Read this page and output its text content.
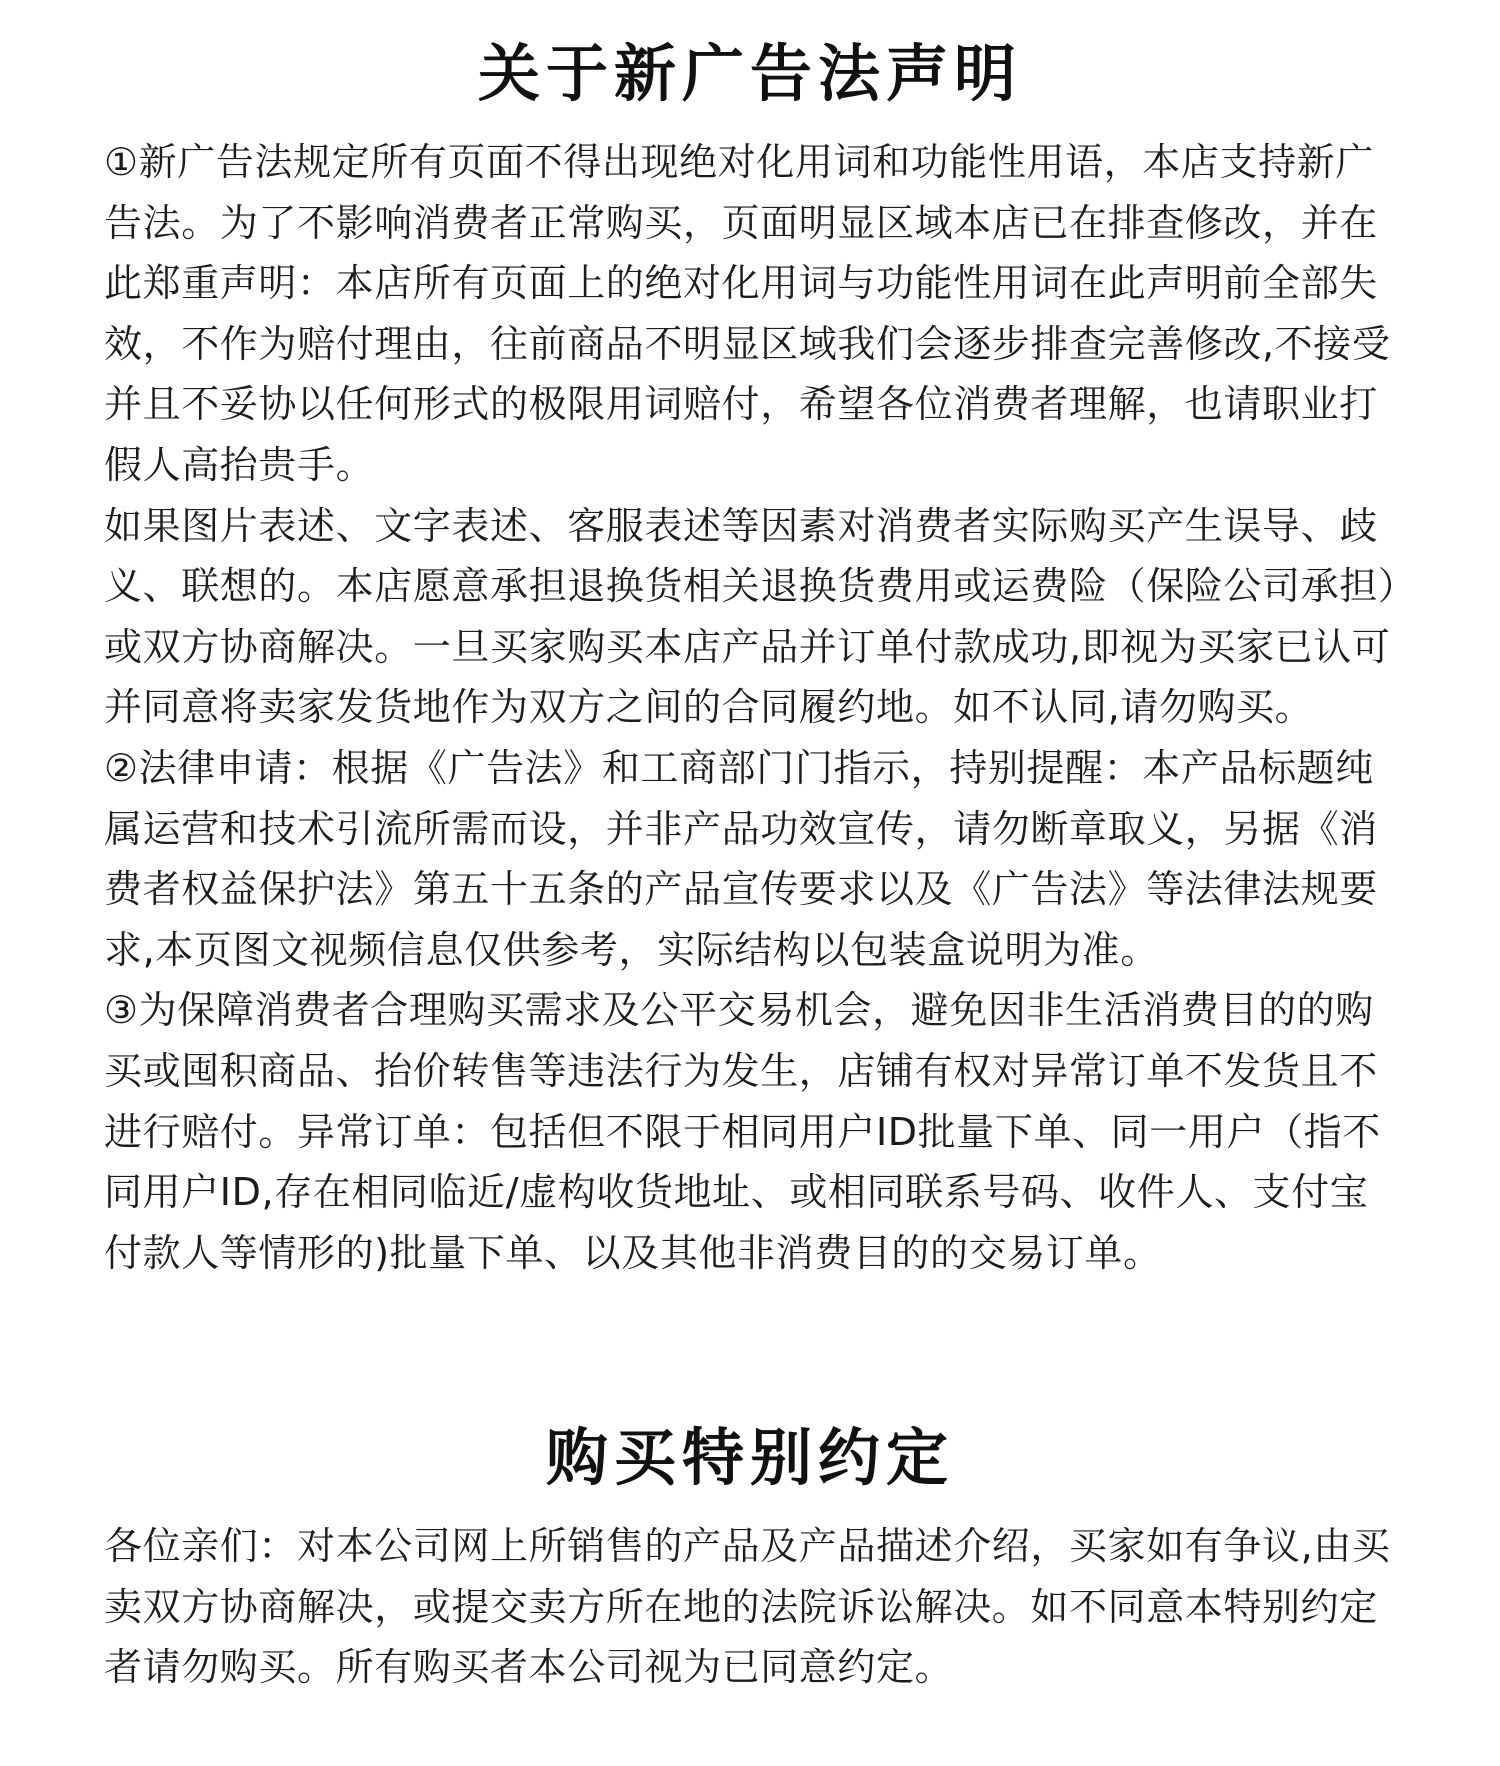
关于新广告法声明

①新广告法规定所有页面不得出现绝对化用词和功能性用语，本店支持新广告法。为了不影响消费者正常购买，页面明显区域本店已在排查修改，并在此郑重声明：本店所有页面上的绝对化用词与功能性用词在此声明前全部失效，不作为赔付理由，往前商品不明显区域我们会逐步排查完善修改,不接受并且不妥协以任何形式的极限用词赔付，希望各位消费者理解，也请职业打假人高抬贵手。

如果图片表述、文字表述、客服表述等因素对消费者实际购买产生误导、歧义、联想的。本店愿意承担退换货相关退换货费用或运费险（保险公司承担）或双方协商解决。一旦买家购买本店产品并订单付款成功,即视为买家已认可并同意将卖家发货地作为双方之间的合同履约地。如不认同,请勿购买。

②法律申请：根据《广告法》和工商部门门指示，持别提醒：本产品标题纯属运营和技术引流所需而设，并非产品功效宣传，请勿断章取义，另据《消费者权益保护法》第五十五条的产品宣传要求以及《广告法》等法律法规要求,本页图文视频信息仅供参考，实际结构以包装盒说明为准。

③为保障消费者合理购买需求及公平交易机会，避免因非生活消费目的的购买或囤积商品、抬价转售等违法行为发生，店铺有权对异常订单不发货且不进行赔付。异常订单：包括但不限于相同用户ID批量下单、同一用户（指不同用户ID,存在相同临近/虚构收货地址、或相同联系号码、收件人、支付宝付款人等情形的)批量下单、以及其他非消费目的的交易订单。

购买特别约定

各位亲们：对本公司网上所销售的产品及产品描述介绍，买家如有争议,由买卖双方协商解决，或提交卖方所在地的法院诉讼解决。如不同意本特别约定者请勿购买。所有购买者本公司视为已同意约定。
